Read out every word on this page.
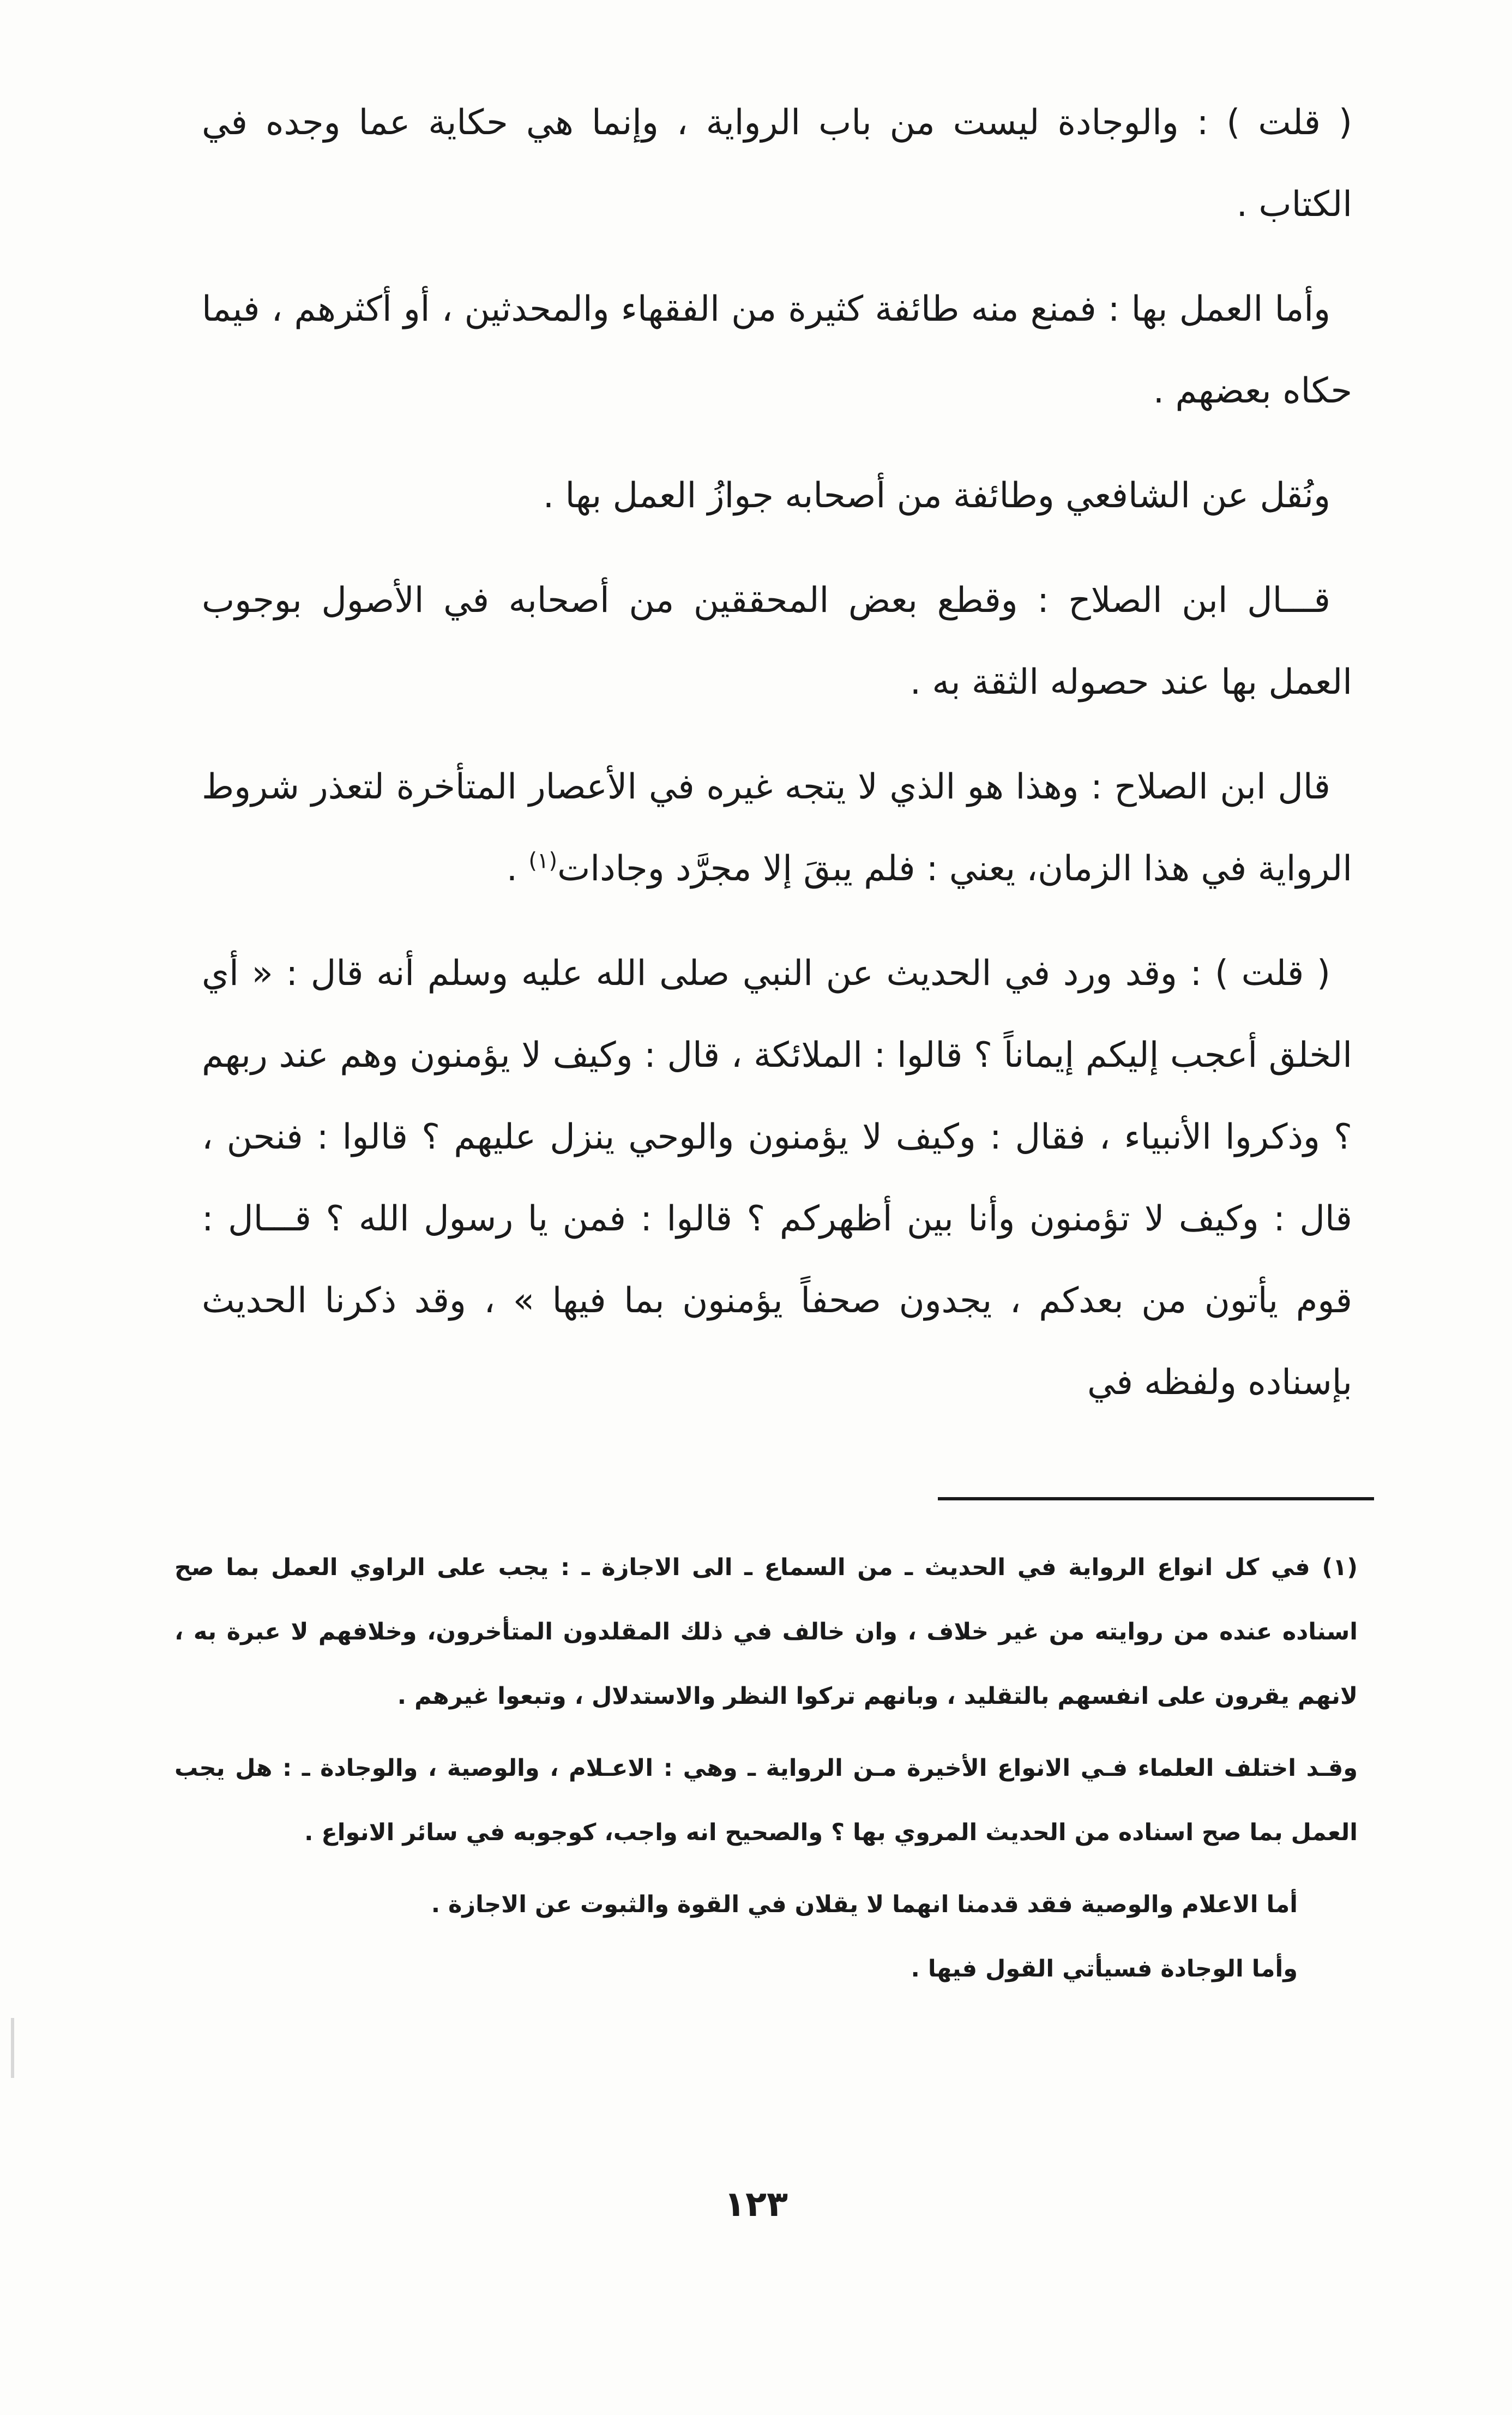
( قلت ) : والوجادة ليست من باب الرواية ، وإنما هي حكاية عما وجده في الكتاب .

وأما العمل بها : فمنع منه طائفة كثيرة من الفقهاء والمحدثين ، أو أكثرهم ، فيما حكاه بعضهم .

ونُقل عن الشافعي وطائفة من أصحابه جوازُ العمل بها .

قـــال ابن الصلاح : وقطع بعض المحققين من أصحابه في الأصول بوجوب العمل بها عند حصوله الثقة به .

قال ابن الصلاح : وهذا هو الذي لا يتجه غيره في الأعصار المتأخرة لتعذر شروط الرواية في هذا الزمان، يعني : فلم يبقَ إلا مجرَّد وجادات$^{(١)}$ .

( قلت ) : وقد ورد في الحديث عن النبي صلى الله عليه وسلم أنه قال : « أي الخلق أعجب إليكم إيماناً ؟ قالوا : الملائكة ، قال : وكيف لا يؤمنون وهم عند ربهم ؟ وذكروا الأنبياء ، فقال : وكيف لا يؤمنون والوحي ينزل عليهم ؟ قالوا : فنحن ، قال : وكيف لا تؤمنون وأنا بين أظهركم ؟ قالوا : فمن يا رسول الله ؟ قـــال : قوم يأتون من بعدكم ، يجدون صحفاً يؤمنون بما فيها » ، وقد ذكرنا الحديث بإسناده ولفظه في

(١) في كل انواع الرواية في الحديث ـ من السماع ـ الى الاجازة ـ : يجب على الراوي العمل بما صح اسناده عنده من روايته من غير خلاف ، وان خالف في ذلك المقلدون المتأخرون، وخلافهم لا عبرة به ، لانهم يقرون على انفسهم بالتقليد ، وبانهم تركوا النظر والاستدلال ، وتبعوا غيرهم .

وقـد اختلف العلماء فـي الانواع الأخيرة مـن الرواية ـ وهي : الاعـلام ، والوصية ، والوجادة ـ : هل يجب العمل بما صح اسناده من الحديث المروي بها ؟ والصحيح انه واجب، كوجوبه في سائر الانواع .

أما الاعلام والوصية فقد قدمنا انهما لا يقلان في القوة والثبوت عن الاجازة .

وأما الوجادة فسيأتي القول فيها .

١٢٣
